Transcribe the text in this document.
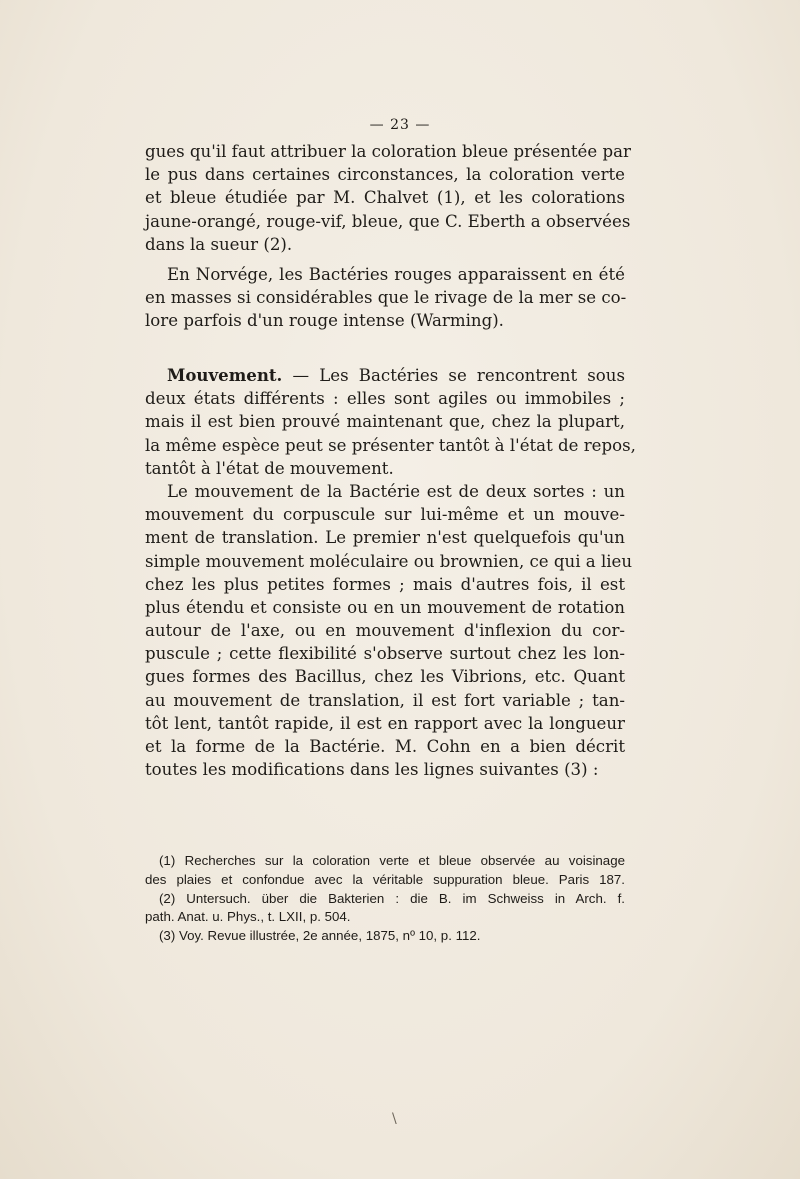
— 23 —
gues qu'il faut attribuer la coloration bleue présentée par
le pus dans certaines circonstances, la coloration verte
et bleue étudiée par M. Chalvet (1), et les colorations
jaune-orangé, rouge-vif, bleue, que C. Eberth a observées
dans la sueur (2).
En Norvége, les Bactéries rouges apparaissent en été
en masses si considérables que le rivage de la mer se co-
lore parfois d'un rouge intense (Warming).
Mouvement. — Les Bactéries se rencontrent sous
deux états différents : elles sont agiles ou immobiles ;
mais il est bien prouvé maintenant que, chez la plupart,
la même espèce peut se présenter tantôt à l'état de repos,
tantôt à l'état de mouvement.
Le mouvement de la Bactérie est de deux sortes : un
mouvement du corpuscule sur lui-même et un mouve-
ment de translation. Le premier n'est quelquefois qu'un
simple mouvement moléculaire ou brownien, ce qui a lieu
chez les plus petites formes ; mais d'autres fois, il est
plus étendu et consiste ou en un mouvement de rotation
autour de l'axe, ou en mouvement d'inflexion du cor-
puscule ; cette flexibilité s'observe surtout chez les lon-
gues formes des Bacillus, chez les Vibrions, etc. Quant
au mouvement de translation, il est fort variable ; tan-
tôt lent, tantôt rapide, il est en rapport avec la longueur
et la forme de la Bactérie. M. Cohn en a bien décrit
toutes les modifications dans les lignes suivantes (3) :
(1) Recherches sur la coloration verte et bleue observée au voisinage
des plaies et confondue avec la véritable suppuration bleue. Paris 187.
(2) Untersuch. über die Bakterien : die B. im Schweiss in Arch. f.
path. Anat. u. Phys., t. LXII, p. 504.
(3) Voy. Revue illustrée, 2e année, 1875, nº 10, p. 112.
\
